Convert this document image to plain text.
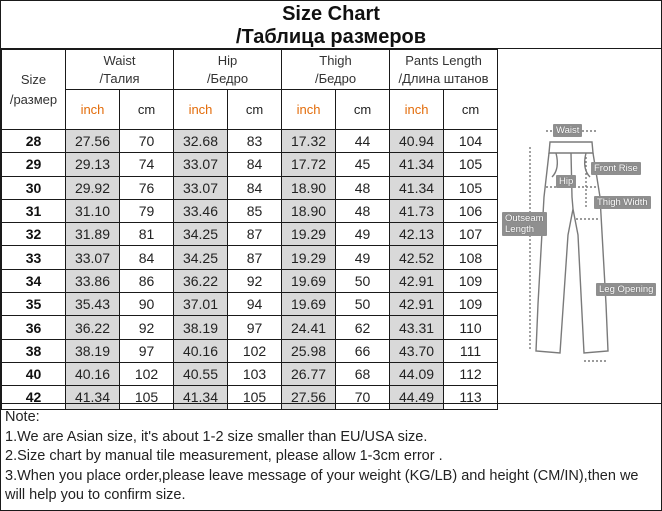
Size Chart
/Таблица размеров
Size
/размер	Waist
/Талия		Hip
/Бедро		Thigh
/Бедро		Pants Length
/Длина штанов	
	inch	cm	inch	cm	inch	cm	inch	cm
28	27.56	70	32.68	83	17.32	44	40.94	104
29	29.13	74	33.07	84	17.72	45	41.34	105
30	29.92	76	33.07	84	18.90	48	41.34	105
31	31.10	79	33.46	85	18.90	48	41.73	106
32	31.89	81	34.25	87	19.29	49	42.13	107
33	33.07	84	34.25	87	19.29	49	42.52	108
34	33.86	86	36.22	92	19.69	50	42.91	109
35	35.43	90	37.01	94	19.69	50	42.91	109
36	36.22	92	38.19	97	24.41	62	43.31	110
38	38.19	97	40.16	102	25.98	66	43.70	111
40	40.16	102	40.55	103	26.77	68	44.09	112
42	41.34	105	41.34	105	27.56	70	44.49	113
Waist
Front Rise
Hip
Thigh Width
Outseam
Length
Leg Opening
Note:
1.We are Asian size, it's about 1-2 size smaller than EU/USA size.
2.Size chart by manual tile measurement, please allow 1-3cm error .
3.When you place order,please leave message of your weight (KG/LB) and height (CM/IN),then we will help you to confirm size.
